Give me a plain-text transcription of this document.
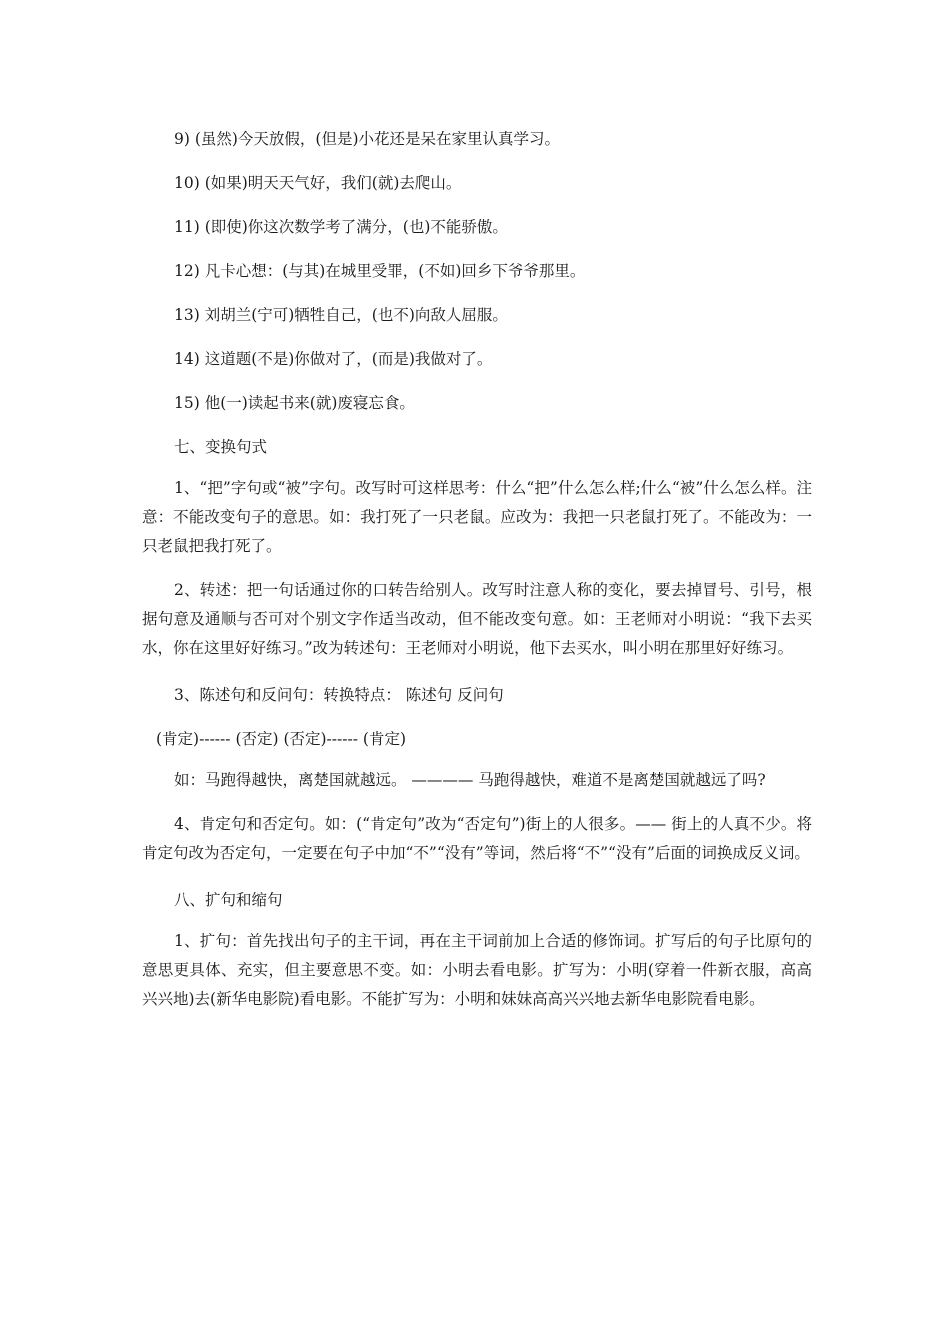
9) (虽然)今天放假，(但是)小花还是呆在家里认真学习。

10) (如果)明天天气好，我们(就)去爬山。

11) (即使)你这次数学考了满分，(也)不能骄傲。

12) 凡卡心想：(与其)在城里受罪，(不如)回乡下爷爷那里。

13) 刘胡兰(宁可)牺牲自己，(也不)向敌人屈服。

14) 这道题(不是)你做对了，(而是)我做对了。

15) 他(一)读起书来(就)废寝忘食。

七、变换句式

1、“把”字句或“被”字句。改写时可这样思考：什么“把”什么怎么样;什么“被”什么怎么样。注意：不能改变句子的意思。如：我打死了一只老鼠。应改为：我把一只老鼠打死了。不能改为：一只老鼠把我打死了。

2、转述：把一句话通过你的口转告给别人。改写时注意人称的变化，要去掉冒号、引号，根据句意及通顺与否可对个别文字作适当改动，但不能改变句意。如：王老师对小明说：“我下去买水，你在这里好好练习。”改为转述句：王老师对小明说，他下去买水，叫小明在那里好好练习。

3、陈述句和反问句：转换特点： 陈述句 反问句

(肯定)------ (否定) (否定)------ (肯定)

如：马跑得越快，离楚国就越远。 ———— 马跑得越快，难道不是离楚国就越远了吗?

4、肯定句和否定句。如：(“肯定句”改为“否定句”)街上的人很多。—— 街上的人真不少。将肯定句改为否定句，一定要在句子中加“不”“没有”等词，然后将“不”“没有”后面的词换成反义词。

八、扩句和缩句

1、扩句：首先找出句子的主干词，再在主干词前加上合适的修饰词。扩写后的句子比原句的意思更具体、充实，但主要意思不变。如：小明去看电影。扩写为：小明(穿着一件新衣服，高高兴兴地)去(新华电影院)看电影。不能扩写为：小明和妹妹高高兴兴地去新华电影院看电影。
